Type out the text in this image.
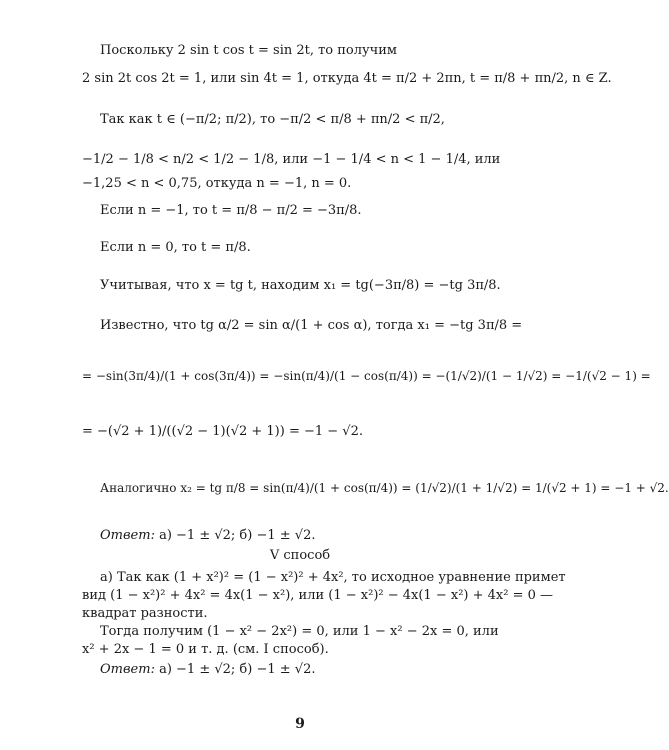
Поскольку 2 sin t cos t = sin 2t, то получим
2 sin 2t cos 2t = 1, или sin 4t = 1, откуда 4t = π/2 + 2πn, t = π/8 + πn/2, n ∈ Z.
Так как t ∈ (−π/2; π/2), то −π/2 < π/8 + πn/2 < π/2,
−1/2 − 1/8 < n/2 < 1/2 − 1/8, или −1 − 1/4 < n < 1 − 1/4, или
−1,25 < n < 0,75, откуда n = −1, n = 0.
Если n = −1, то t = π/8 − π/2 = −3π/8.
Если n = 0, то t = π/8.
Учитывая, что x = tg t, находим x₁ = tg(−3π/8) = −tg 3π/8.
Известно, что tg α/2 = sin α/(1 + cos α), тогда x₁ = −tg 3π/8 =
= −sin(3π/4)/(1 + cos(3π/4)) = −sin(π/4)/(1 − cos(π/4)) = −(1/√2)/(1 − 1/√2) = −1/(√2 − 1) =
= −(√2 + 1)/((√2 − 1)(√2 + 1)) = −1 − √2.
Аналогично x₂ = tg π/8 = sin(π/4)/(1 + cos(π/4)) = (1/√2)/(1 + 1/√2) = 1/(√2 + 1) = −1 + √2.
Ответ: а) −1 ± √2; б) −1 ± √2.
V способ
а) Так как (1 + x²)² = (1 − x²)² + 4x², то исходное уравнение примет
вид (1 − x²)² + 4x² = 4x(1 − x²), или (1 − x²)² − 4x(1 − x²) + 4x² = 0 —
квадрат разности.
Тогда получим (1 − x² − 2x²) = 0, или 1 − x² − 2x = 0, или
x² + 2x − 1 = 0 и т. д. (см. I способ).
Ответ: а) −1 ± √2; б) −1 ± √2.
9
